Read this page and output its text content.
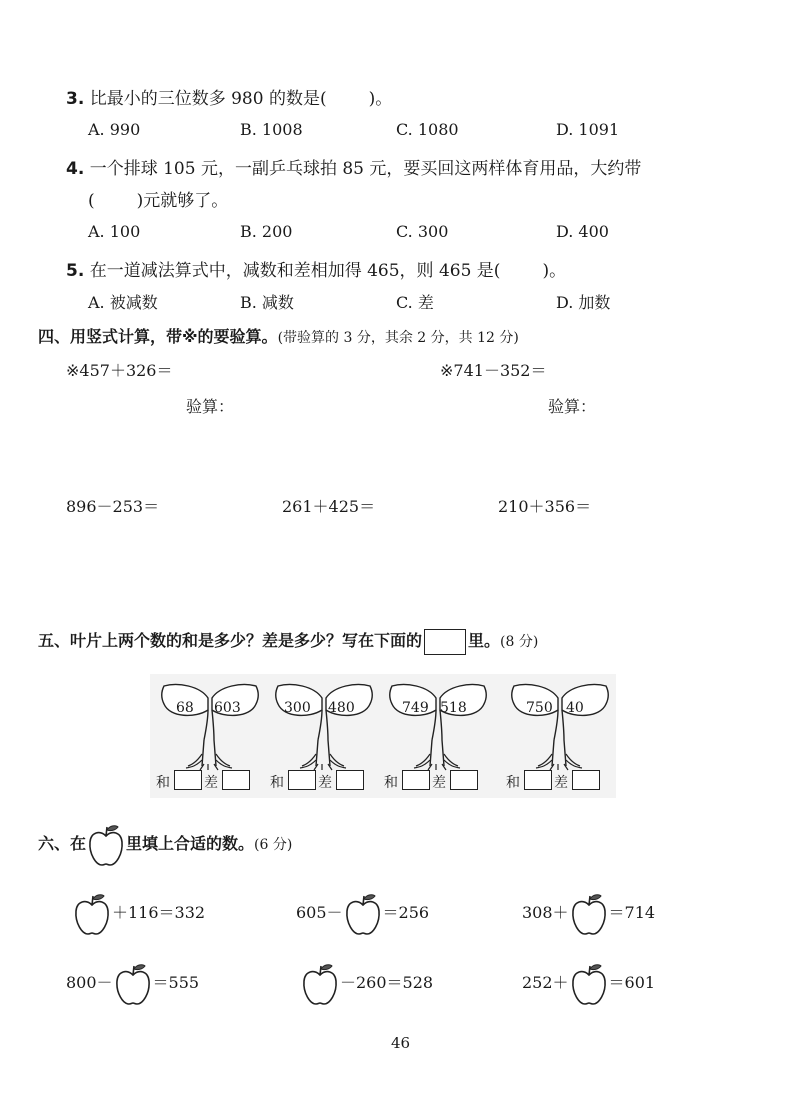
3. 比最小的三位数多 980 的数是( )。
A. 990	B. 1008	C. 1080	D. 1091
4. 一个排球 105 元，一副乒乓球拍 85 元，要买回这两样体育用品，大约带
( )元就够了。
A. 100	B. 200	C. 300	D. 400
5. 在一道减法算式中，减数和差相加得 465，则 465 是( )。
A. 被减数	B. 减数	C. 差	D. 加数
四、用竖式计算，带※的要验算。(带验算的 3 分，其余 2 分，共 12 分)
※457＋326＝	※741－352＝
验算：	验算：
896－253＝	261＋425＝	210＋356＝
五、叶片上两个数的和是多少？差是多少？写在下面的	里。(8 分)
68 603
和 差
300 480
和 差
749 518
和 差
750 40
和 差
六、在	里填上合适的数。(6 分)
＋116＝332	605－	＝256	308＋	＝714
800－	＝555	－260＝528	252＋	＝601
46
